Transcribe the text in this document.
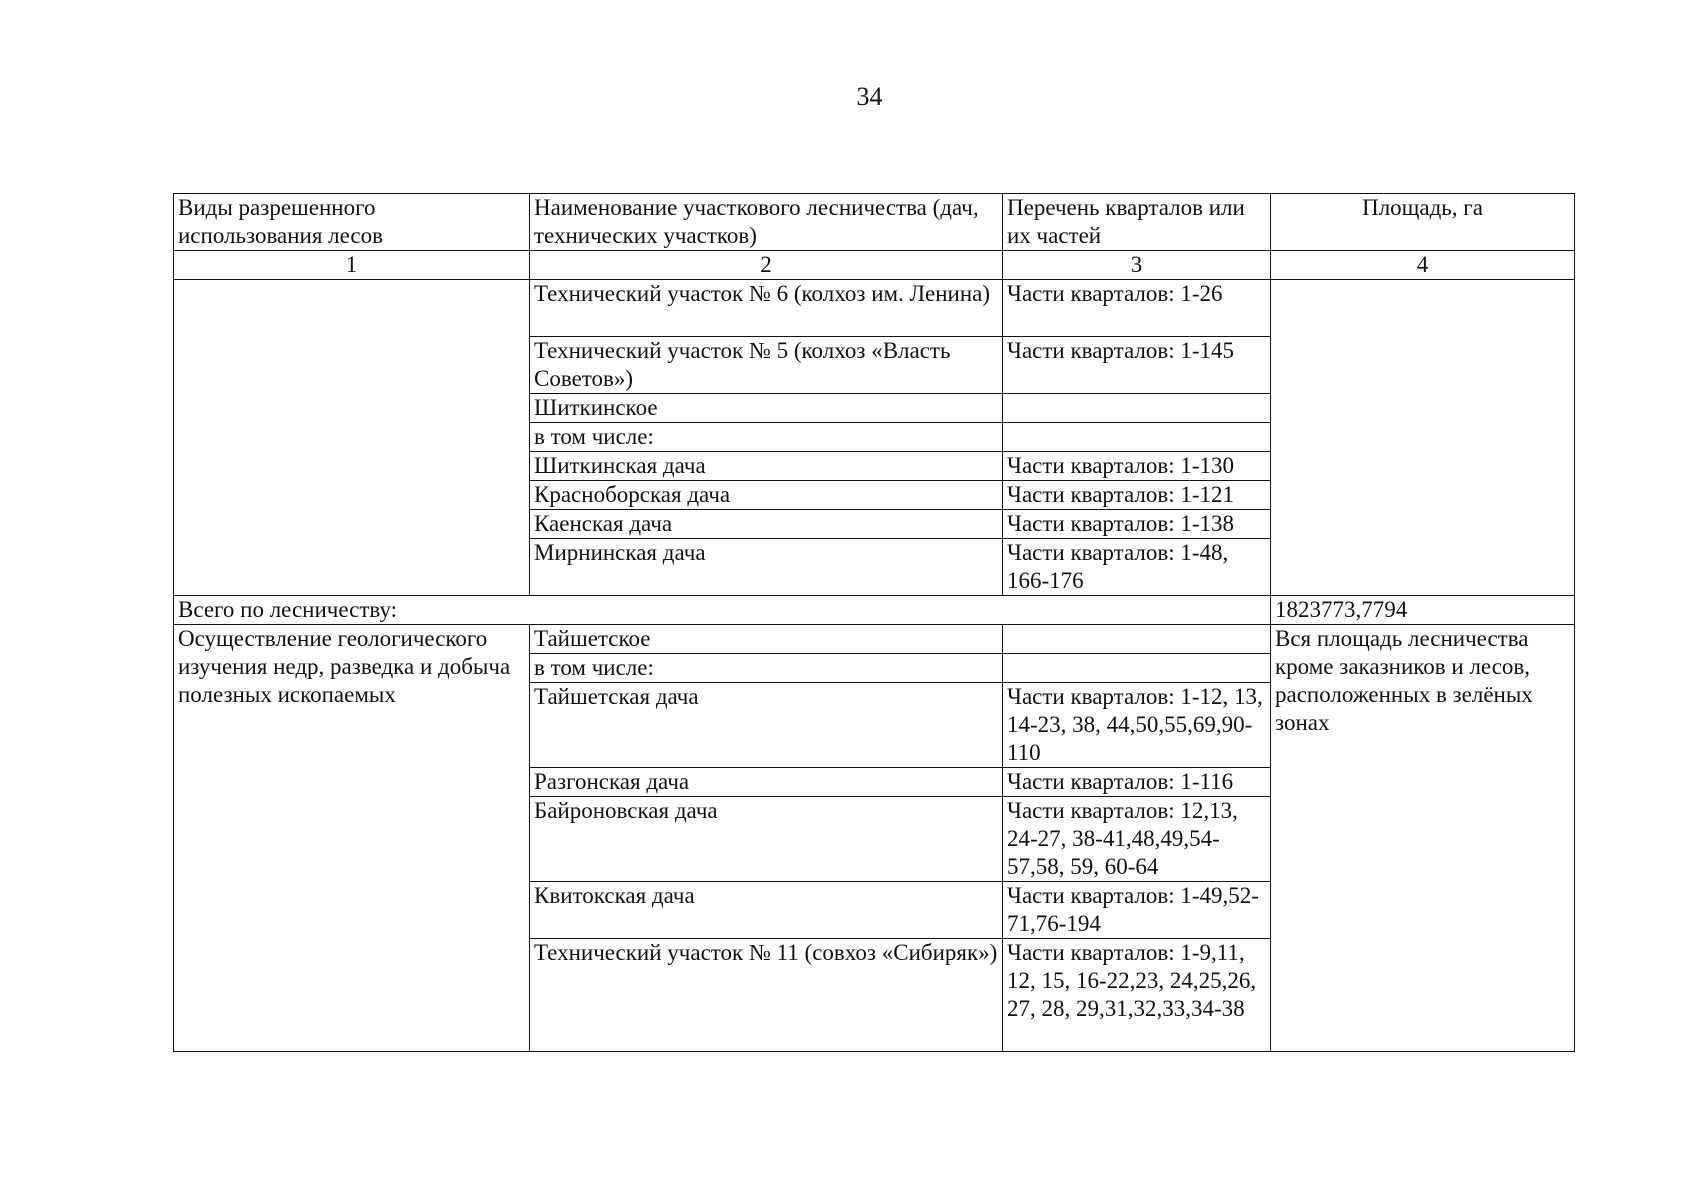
34
Виды разрешенного использования лесов	Наименование участкового лесничества (дач, технических участков)	Перечень кварталов или их частей	Площадь, га
1	2	3	4
	Технический участок № 6 (колхоз им. Ленина)	Части кварталов: 1-26	
	Технический участок № 5 (колхоз «Власть Советов»)	Части кварталов: 1-145	
	Шиткинское		
	в том числе:		
	Шиткинская дача	Части кварталов: 1-130	
	Красноборская дача	Части кварталов: 1-121	
	Каенская дача	Части кварталов: 1-138	
	Мирнинская дача	Части кварталов: 1-48, 166-176	
Всего по лесничеству:			1823773,7794
Осуществление геологического изучения недр, разведка и добыча полезных ископаемых	Тайшетское		Вся площадь лесничества кроме заказников и лесов, расположенных в зелёных зонах
	в том числе:		
	Тайшетская дача	Части кварталов: 1-12, 13, 14-23, 38, 44,50,55,69,90-110	
	Разгонская дача	Части кварталов: 1-116	
	Байроновская дача	Части кварталов: 12,13, 24-27, 38-41,48,49,54-57,58, 59, 60-64	
	Квитокская дача	Части кварталов: 1-49,52-71,76-194	
	Технический участок № 11 (совхоз «Сибиряк»)	Части кварталов: 1-9,11, 12, 15, 16-22,23, 24,25,26, 27, 28, 29,31,32,33,34-38	
